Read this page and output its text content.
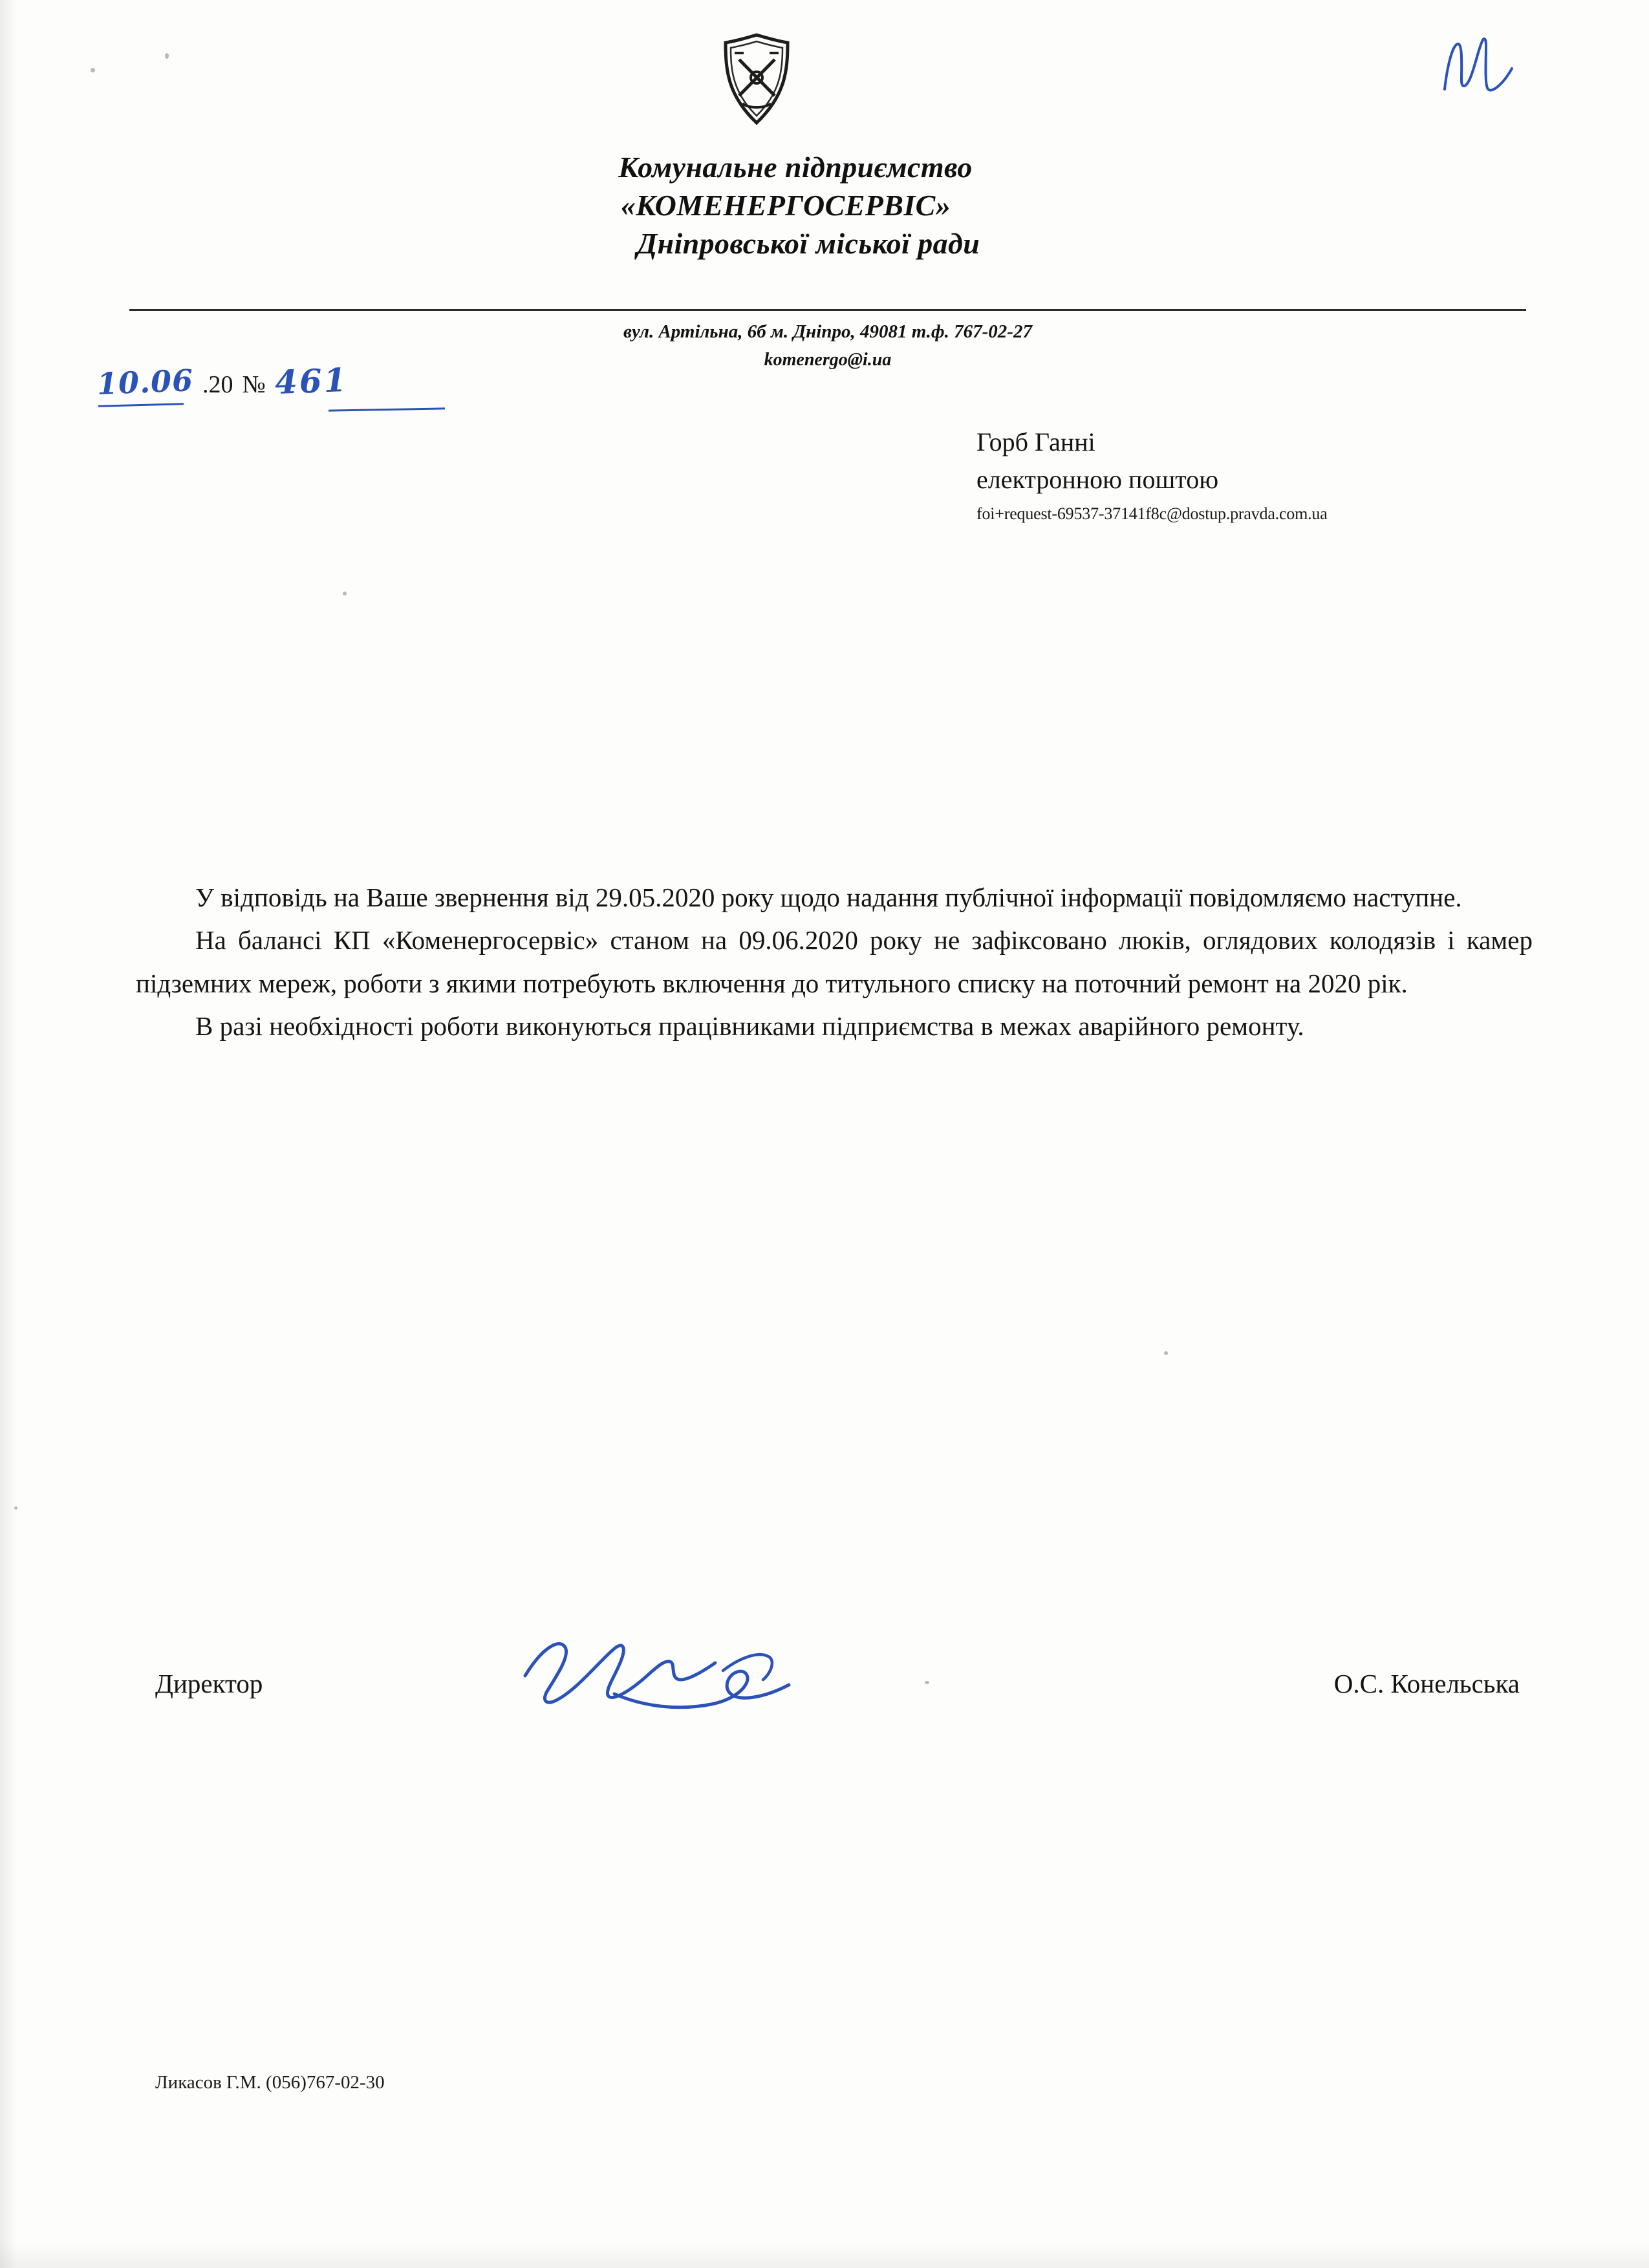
Комунальне підприємство
«КОМЕНЕРГОСЕРВІС»
Дніпровської міської ради
вул. Артільна, 6б м. Дніпро, 49081 т.ф. 767-02-27
komenergo@i.ua
10.06 .20 № 461
Горб Ганні
електронною поштою
foi+request-69537-37141f8c@dostup.pravda.com.ua

У відповідь на Ваше звернення від 29.05.2020 року щодо надання публічної інформації повідомляємо наступне.

На балансі КП «Коменергосервіс» станом на 09.06.2020 року не зафіксовано люків, оглядових колодязів і камер підземних мереж, роботи з якими потребують включення до титульного списку на поточний ремонт на 2020 рік.

В разі необхідності роботи виконуються працівниками підприємства в межах аварійного ремонту.

Директор	О.С. Конельська
Ликасов Г.М. (056)767-02-30
